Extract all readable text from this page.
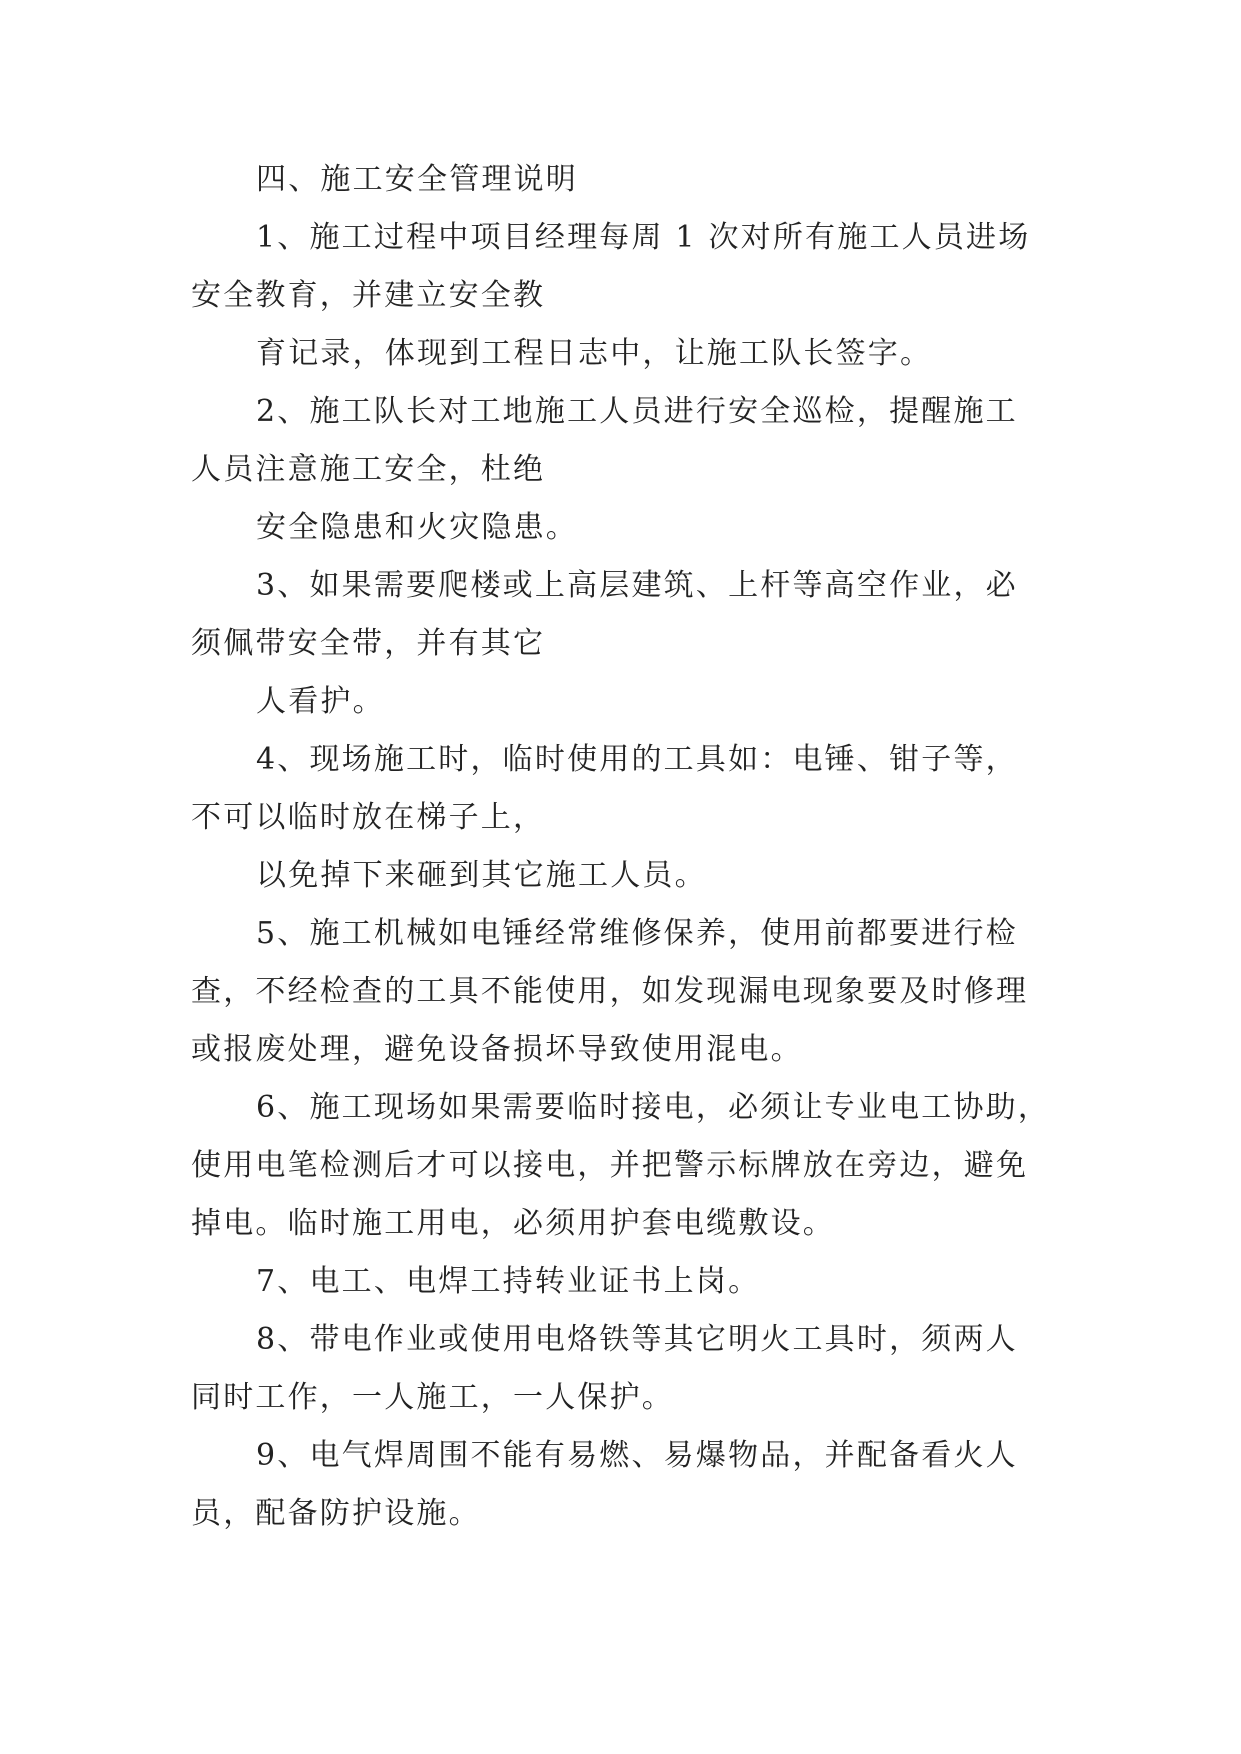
四、施工安全管理说明
1、施工过程中项目经理每周 1 次对所有施工人员进场
安全教育，并建立安全教
育记录，体现到工程日志中，让施工队长签字。
2、施工队长对工地施工人员进行安全巡检，提醒施工
人员注意施工安全，杜绝
安全隐患和火灾隐患。
3、如果需要爬楼或上高层建筑、上杆等高空作业，必
须佩带安全带，并有其它
人看护。
4、现场施工时，临时使用的工具如：电锤、钳子等，
不可以临时放在梯子上，
以免掉下来砸到其它施工人员。
5、施工机械如电锤经常维修保养，使用前都要进行检
查，不经检查的工具不能使用，如发现漏电现象要及时修理
或报废处理，避免设备损坏导致使用混电。
6、施工现场如果需要临时接电，必须让专业电工协助，
使用电笔检测后才可以接电，并把警示标牌放在旁边，避免
掉电。临时施工用电，必须用护套电缆敷设。
7、电工、电焊工持转业证书上岗。
8、带电作业或使用电烙铁等其它明火工具时，须两人
同时工作，一人施工，一人保护。
9、电气焊周围不能有易燃、易爆物品，并配备看火人
员，配备防护设施。
